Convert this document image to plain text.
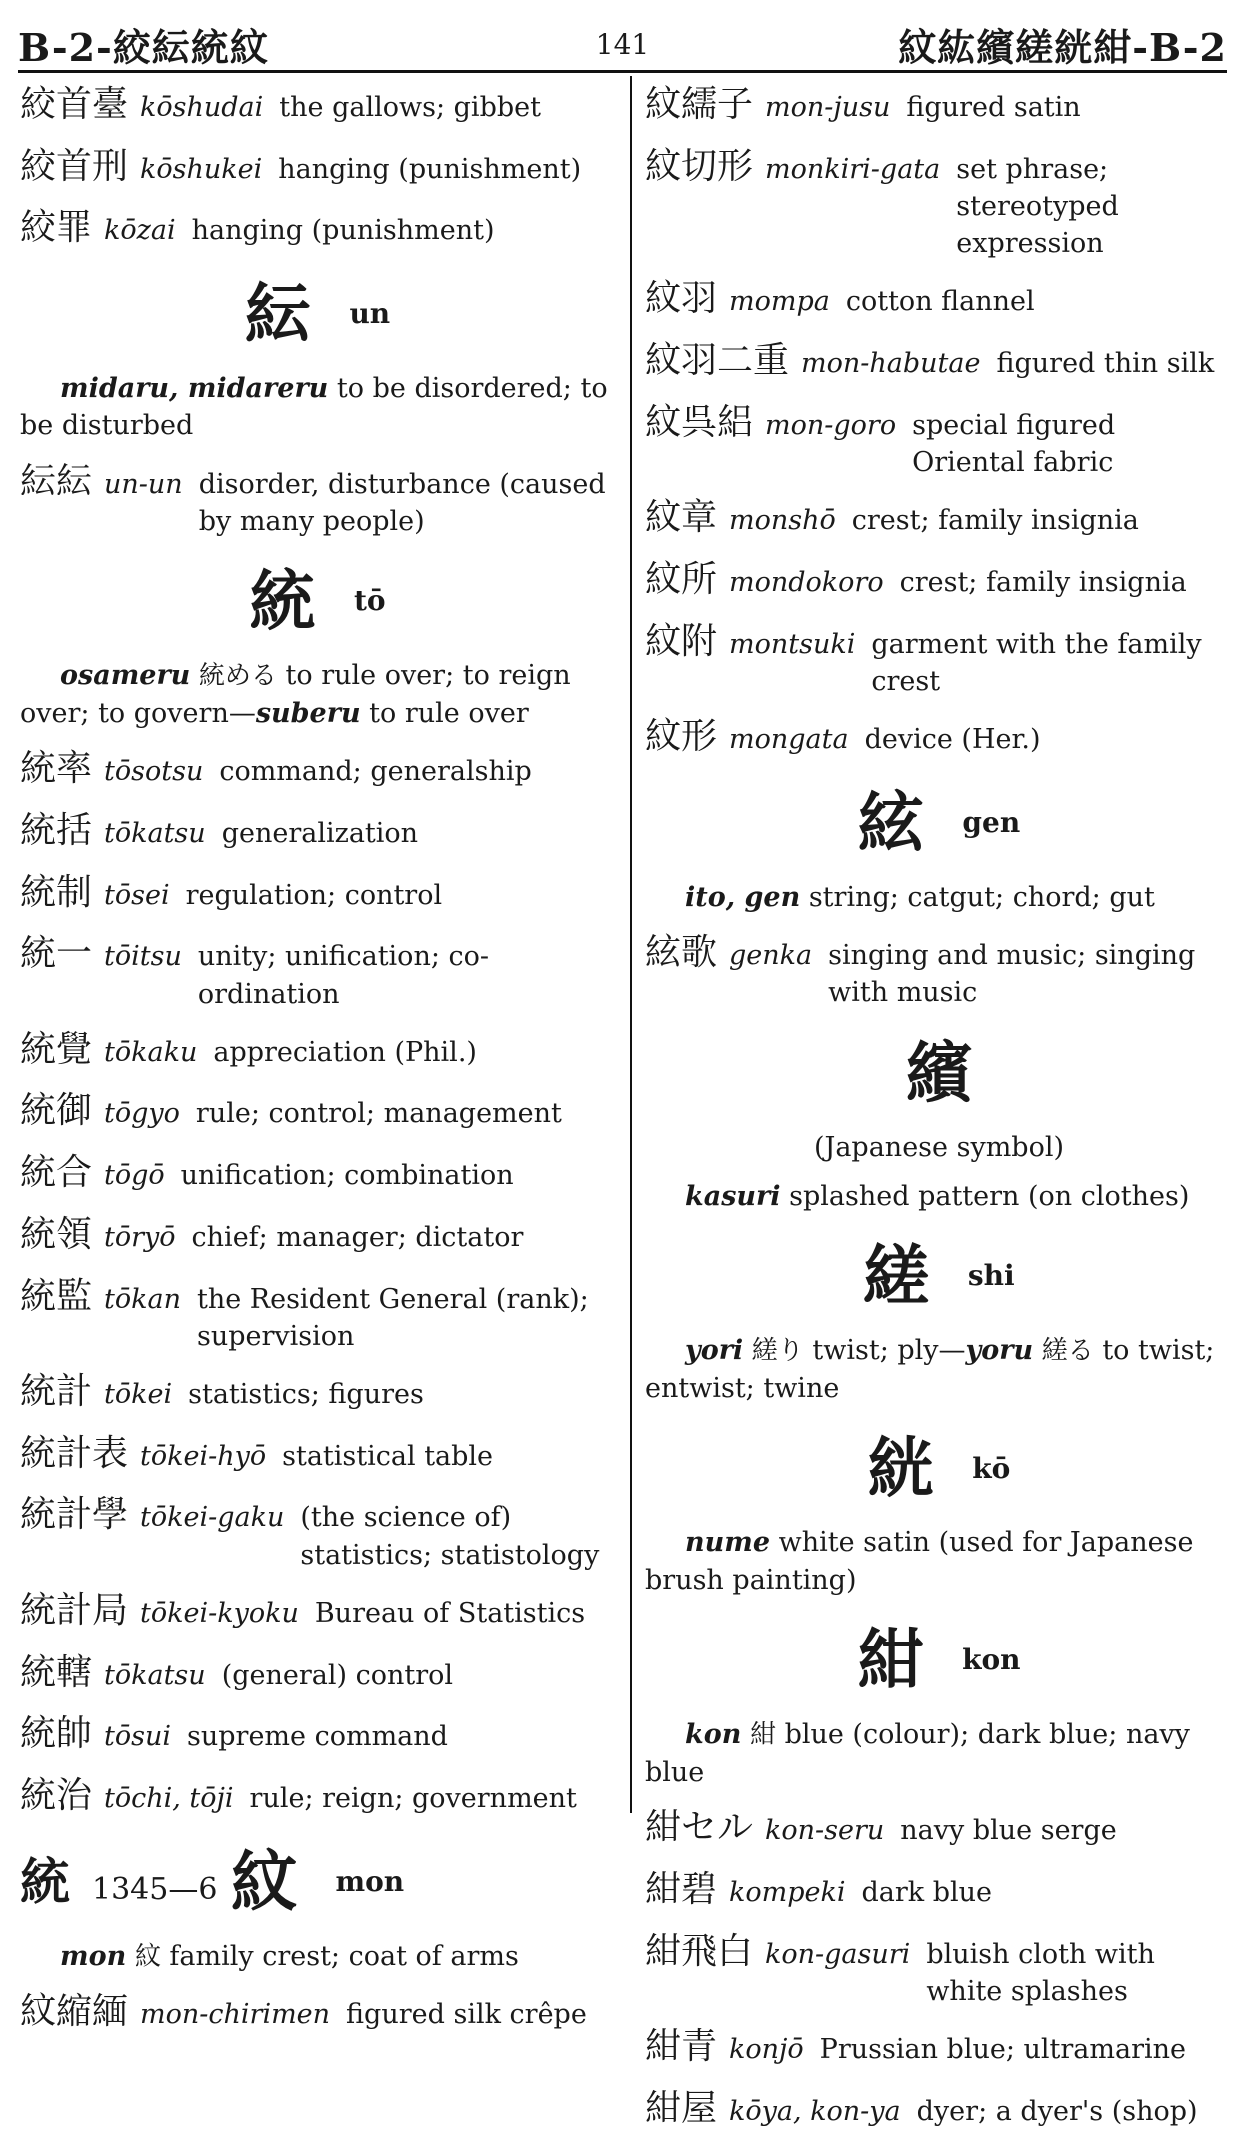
B-2-絞紜統紋	141	紋紘繽縒絖紺-B-2
絞首臺 kōshudai the gallows; gibbet
絞首刑 kōshukei hanging (punishment)
絞罪 kōzai hanging (punishment)
紜 un
midaru, midareru to be disordered; to be disturbed
紜紜 un-un disorder, disturbance (caused by many people)
統 tō
osameru 統める to rule over; to reign over; to govern—suberu to rule over
統率 tōsotsu command; generalship
統括 tōkatsu generalization
統制 tōsei regulation; control
統一 tōitsu unity; unification; co-ordination
統覺 tōkaku appreciation (Phil.)
統御 tōgyo rule; control; management
統合 tōgō unification; combination
統領 tōryō chief; manager; dictator
統監 tōkan the Resident General (rank); supervision
統計 tōkei statistics; figures
統計表 tōkei-hyō statistical table
統計學 tōkei-gaku (the science of) statistics; statistology
統計局 tōkei-kyoku Bureau of Statistics
統轄 tōkatsu (general) control
統帥 tōsui supreme command
統治 tōchi, tōji rule; reign; government
紋 mon
mon 紋 family crest; coat of arms
紋縮緬 mon-chirimen figured silk crêpe
紋繻子 mon-jusu figured satin
紋切形 monkiri-gata set phrase; stereotyped expression
紋羽 mompa cotton flannel
紋羽二重 mon-habutae figured thin silk
紋呉絽 mon-goro special figured Oriental fabric
紋章 monshō crest; family insignia
紋所 mondokoro crest; family insignia
紋附 montsuki garment with the family crest
紋形 mongata device (Her.)
絃 gen
ito, gen string; catgut; chord; gut
絃歌 genka singing and music; singing with music
繽
(Japanese symbol)
kasuri splashed pattern (on clothes)
縒 shi
yori 縒り twist; ply—yoru 縒る to twist; entwist; twine
絖 kō
nume white satin (used for Japanese brush painting)
紺 kon
kon 紺 blue (colour); dark blue; navy blue
紺セル kon-seru navy blue serge
紺碧 kompeki dark blue
紺飛白 kon-gasuri bluish cloth with white splashes
紺青 konjō Prussian blue; ultramarine
紺屋 kōya, kon-ya dyer; a dyer's (shop)
統 1345—6
